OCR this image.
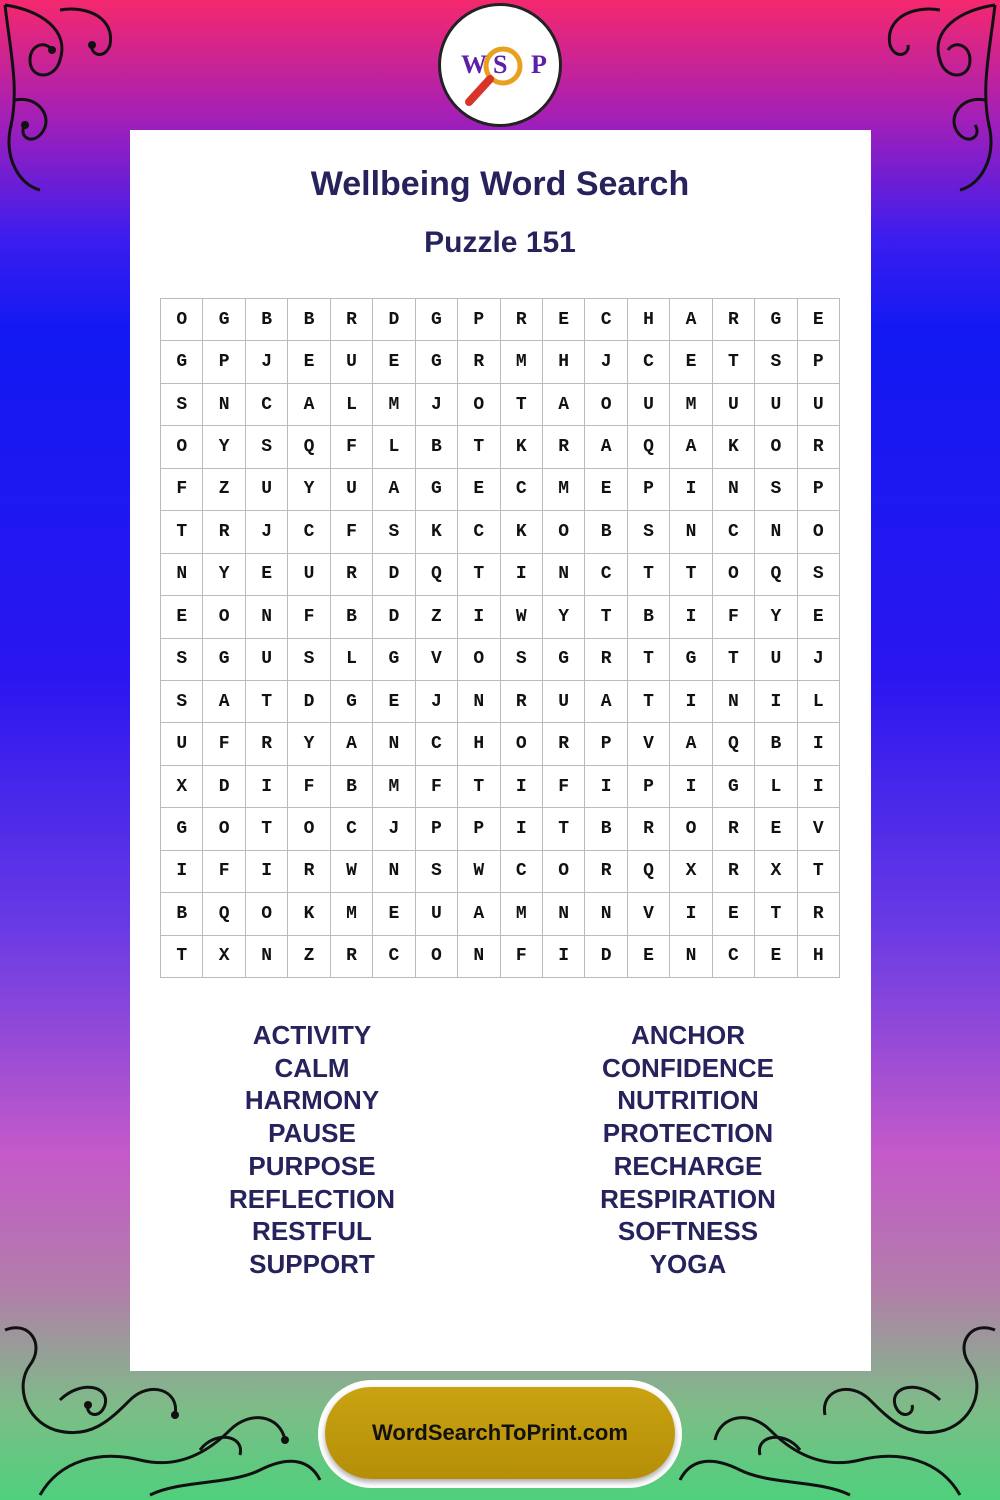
W S P
Wellbeing Word Search
Puzzle 151
O	G	B	B	R	D	G	P	R	E	C	H	A	R	G	E
G	P	J	E	U	E	G	R	M	H	J	C	E	T	S	P
S	N	C	A	L	M	J	O	T	A	O	U	M	U	U	U
O	Y	S	Q	F	L	B	T	K	R	A	Q	A	K	O	R
F	Z	U	Y	U	A	G	E	C	M	E	P	I	N	S	P
T	R	J	C	F	S	K	C	K	O	B	S	N	C	N	O
N	Y	E	U	R	D	Q	T	I	N	C	T	T	O	Q	S
E	O	N	F	B	D	Z	I	W	Y	T	B	I	F	Y	E
S	G	U	S	L	G	V	O	S	G	R	T	G	T	U	J
S	A	T	D	G	E	J	N	R	U	A	T	I	N	I	L
U	F	R	Y	A	N	C	H	O	R	P	V	A	Q	B	I
X	D	I	F	B	M	F	T	I	F	I	P	I	G	L	I
G	O	T	O	C	J	P	P	I	T	B	R	O	R	E	V
I	F	I	R	W	N	S	W	C	O	R	Q	X	R	X	T
B	Q	O	K	M	E	U	A	M	N	N	V	I	E	T	R
T	X	N	Z	R	C	O	N	F	I	D	E	N	C	E	H
ACTIVITY
CALM
HARMONY
PAUSE
PURPOSE
REFLECTION
RESTFUL
SUPPORT
ANCHOR
CONFIDENCE
NUTRITION
PROTECTION
RECHARGE
RESPIRATION
SOFTNESS
YOGA
WordSearchToPrint.com
